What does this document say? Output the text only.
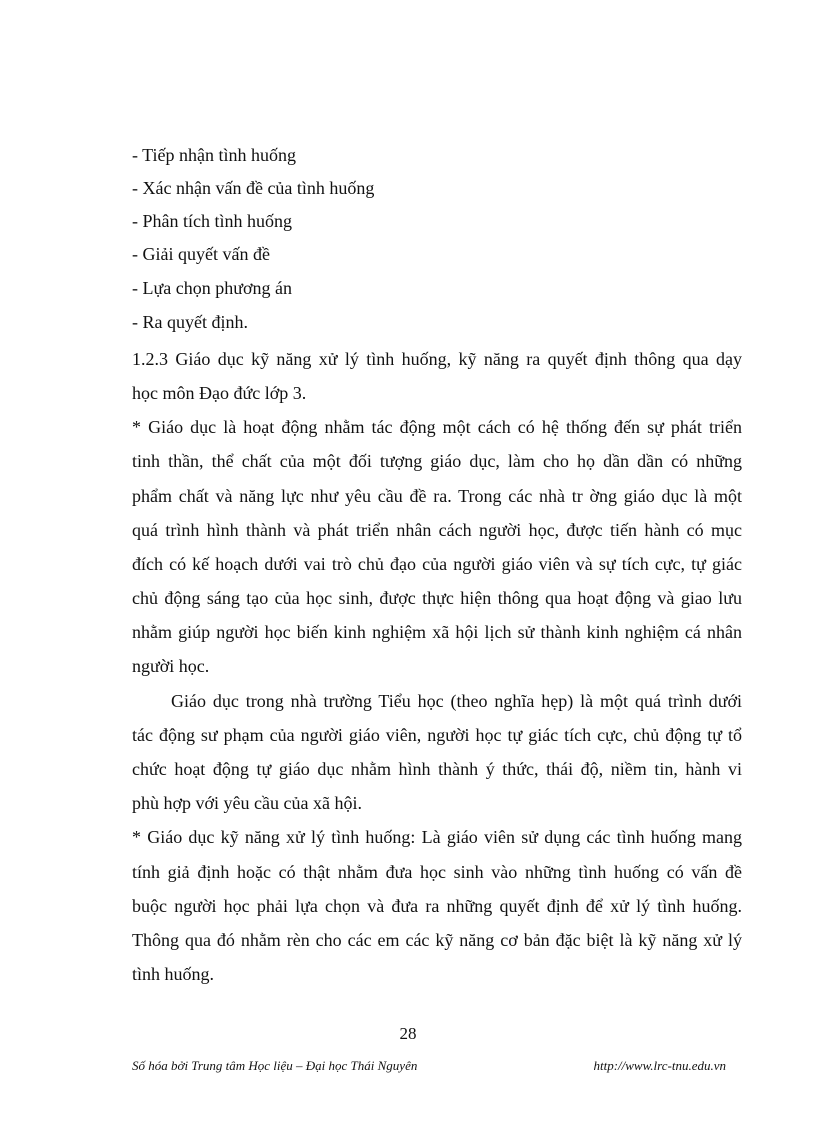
- Tiếp nhận tình huống
- Xác nhận vấn đề của tình huống
- Phân tích tình huống
- Giải quyết vấn đề
- Lựa chọn phương án
- Ra quyết định.
1.2.3 Giáo dục kỹ năng xử lý tình huống, kỹ năng ra quyết định thông qua dạy
học môn Đạo đức lớp 3.
* Giáo dục là hoạt động nhằm tác động một cách có hệ thống đến sự phát triển
tinh thần, thể chất của một đối tượng giáo dục, làm cho họ dần dần có những
phẩm chất và năng lực như yêu cầu đề ra. Trong các nhà tr ờng giáo dục là một
quá trình hình thành và phát triển nhân cách người học, được tiến hành có mục
đích có kế hoạch dưới vai trò chủ đạo của người giáo viên và sự tích cực, tự giác
chủ động sáng tạo của học sinh, được thực hiện thông qua hoạt động và giao lưu
nhằm giúp người học biến kinh nghiệm xã hội lịch sử thành kinh nghiệm cá nhân
người học.
Giáo dục trong nhà trường Tiểu học (theo nghĩa hẹp) là một quá trình dưới
tác động sư phạm của người giáo viên, người học tự giác tích cực, chủ động tự tổ
chức hoạt động tự giáo dục nhằm hình thành ý thức, thái độ, niềm tin, hành vi
phù hợp với yêu cầu của xã hội.
* Giáo dục kỹ năng xử lý tình huống: Là giáo viên sử dụng các tình huống mang
tính giả định hoặc có thật nhằm đưa học sinh vào những tình huống có vấn đề
buộc người học phải lựa chọn và đưa ra những quyết định để xử lý tình huống.
Thông qua đó nhằm rèn cho các em các kỹ năng cơ bản đặc biệt là kỹ năng xử lý
tình huống.
28
Số hóa bởi Trung tâm Học liệu – Đại học Thái Nguyên	http://www.lrc-tnu.edu.vn
